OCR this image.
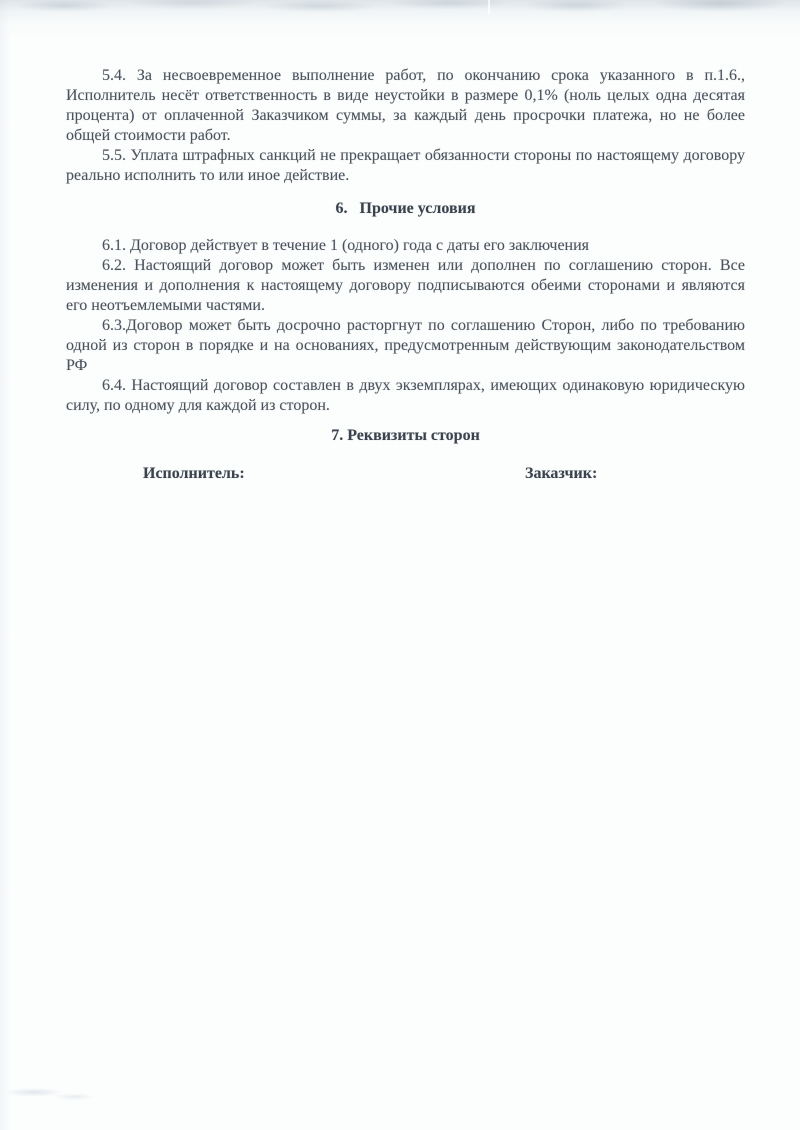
5.4. За несвоевременное выполнение работ, по окончанию срока указанного в п.1.6., Исполнитель несёт ответственность в виде неустойки в размере 0,1% (ноль целых одна десятая процента) от оплаченной Заказчиком суммы, за каждый день просрочки платежа, но не более общей стоимости работ.

5.5. Уплата штрафных санкций не прекращает обязанности стороны по настоящему договору реально исполнить то или иное действие.

6.   Прочие условия

6.1. Договор действует в течение 1 (одного) года с даты его заключения

6.2. Настоящий договор может быть изменен или дополнен по соглашению сторон. Все изменения и дополнения к настоящему договору подписываются обеими сторонами и являются его неотъемлемыми частями.

6.3.Договор может быть досрочно расторгнут по соглашению Сторон, либо по требованию одной из сторон в порядке и на основаниях, предусмотренным действующим законодательством РФ

6.4. Настоящий договор составлен в двух экземплярах, имеющих одинаковую юридическую силу, по одному для каждой из сторон.

7. Реквизиты сторон
Исполнитель:	Заказчик:
